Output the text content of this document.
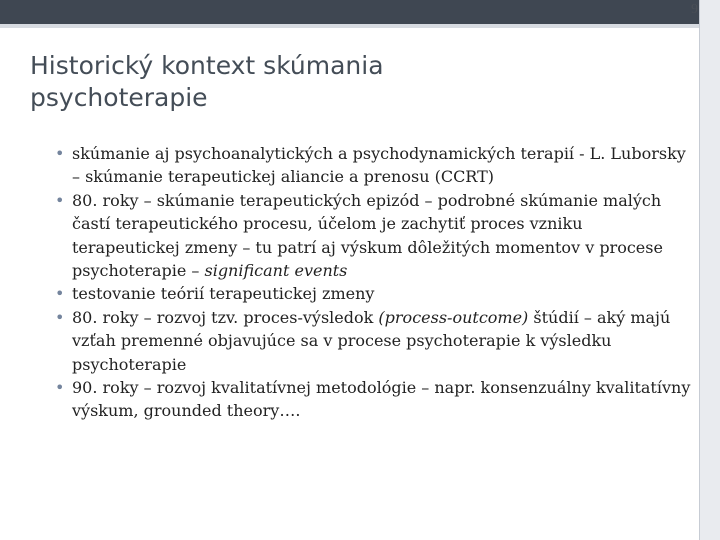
9
Historický kontext skúmania psychoterapie
• skúmanie aj psychoanalytických a psychodynamických terapií - L. Luborsky – skúmanie terapeutickej aliancie a prenosu (CCRT)
• 80. roky – skúmanie terapeutických epizód – podrobné skúmanie malých častí terapeutického procesu, účelom je zachytiť proces vzniku terapeutickej zmeny – tu patrí aj výskum dôležitých momentov v procese psychoterapie – significant events
• testovanie teórií terapeutickej zmeny
• 80. roky – rozvoj tzv. proces-výsledok (process-outcome) štúdií – aký majú vzťah premenné objavujúce sa v procese psychoterapie k výsledku psychoterapie
• 90. roky – rozvoj kvalitatívnej metodológie – napr. konsenzuálny kvalitatívny výskum, grounded theory….
